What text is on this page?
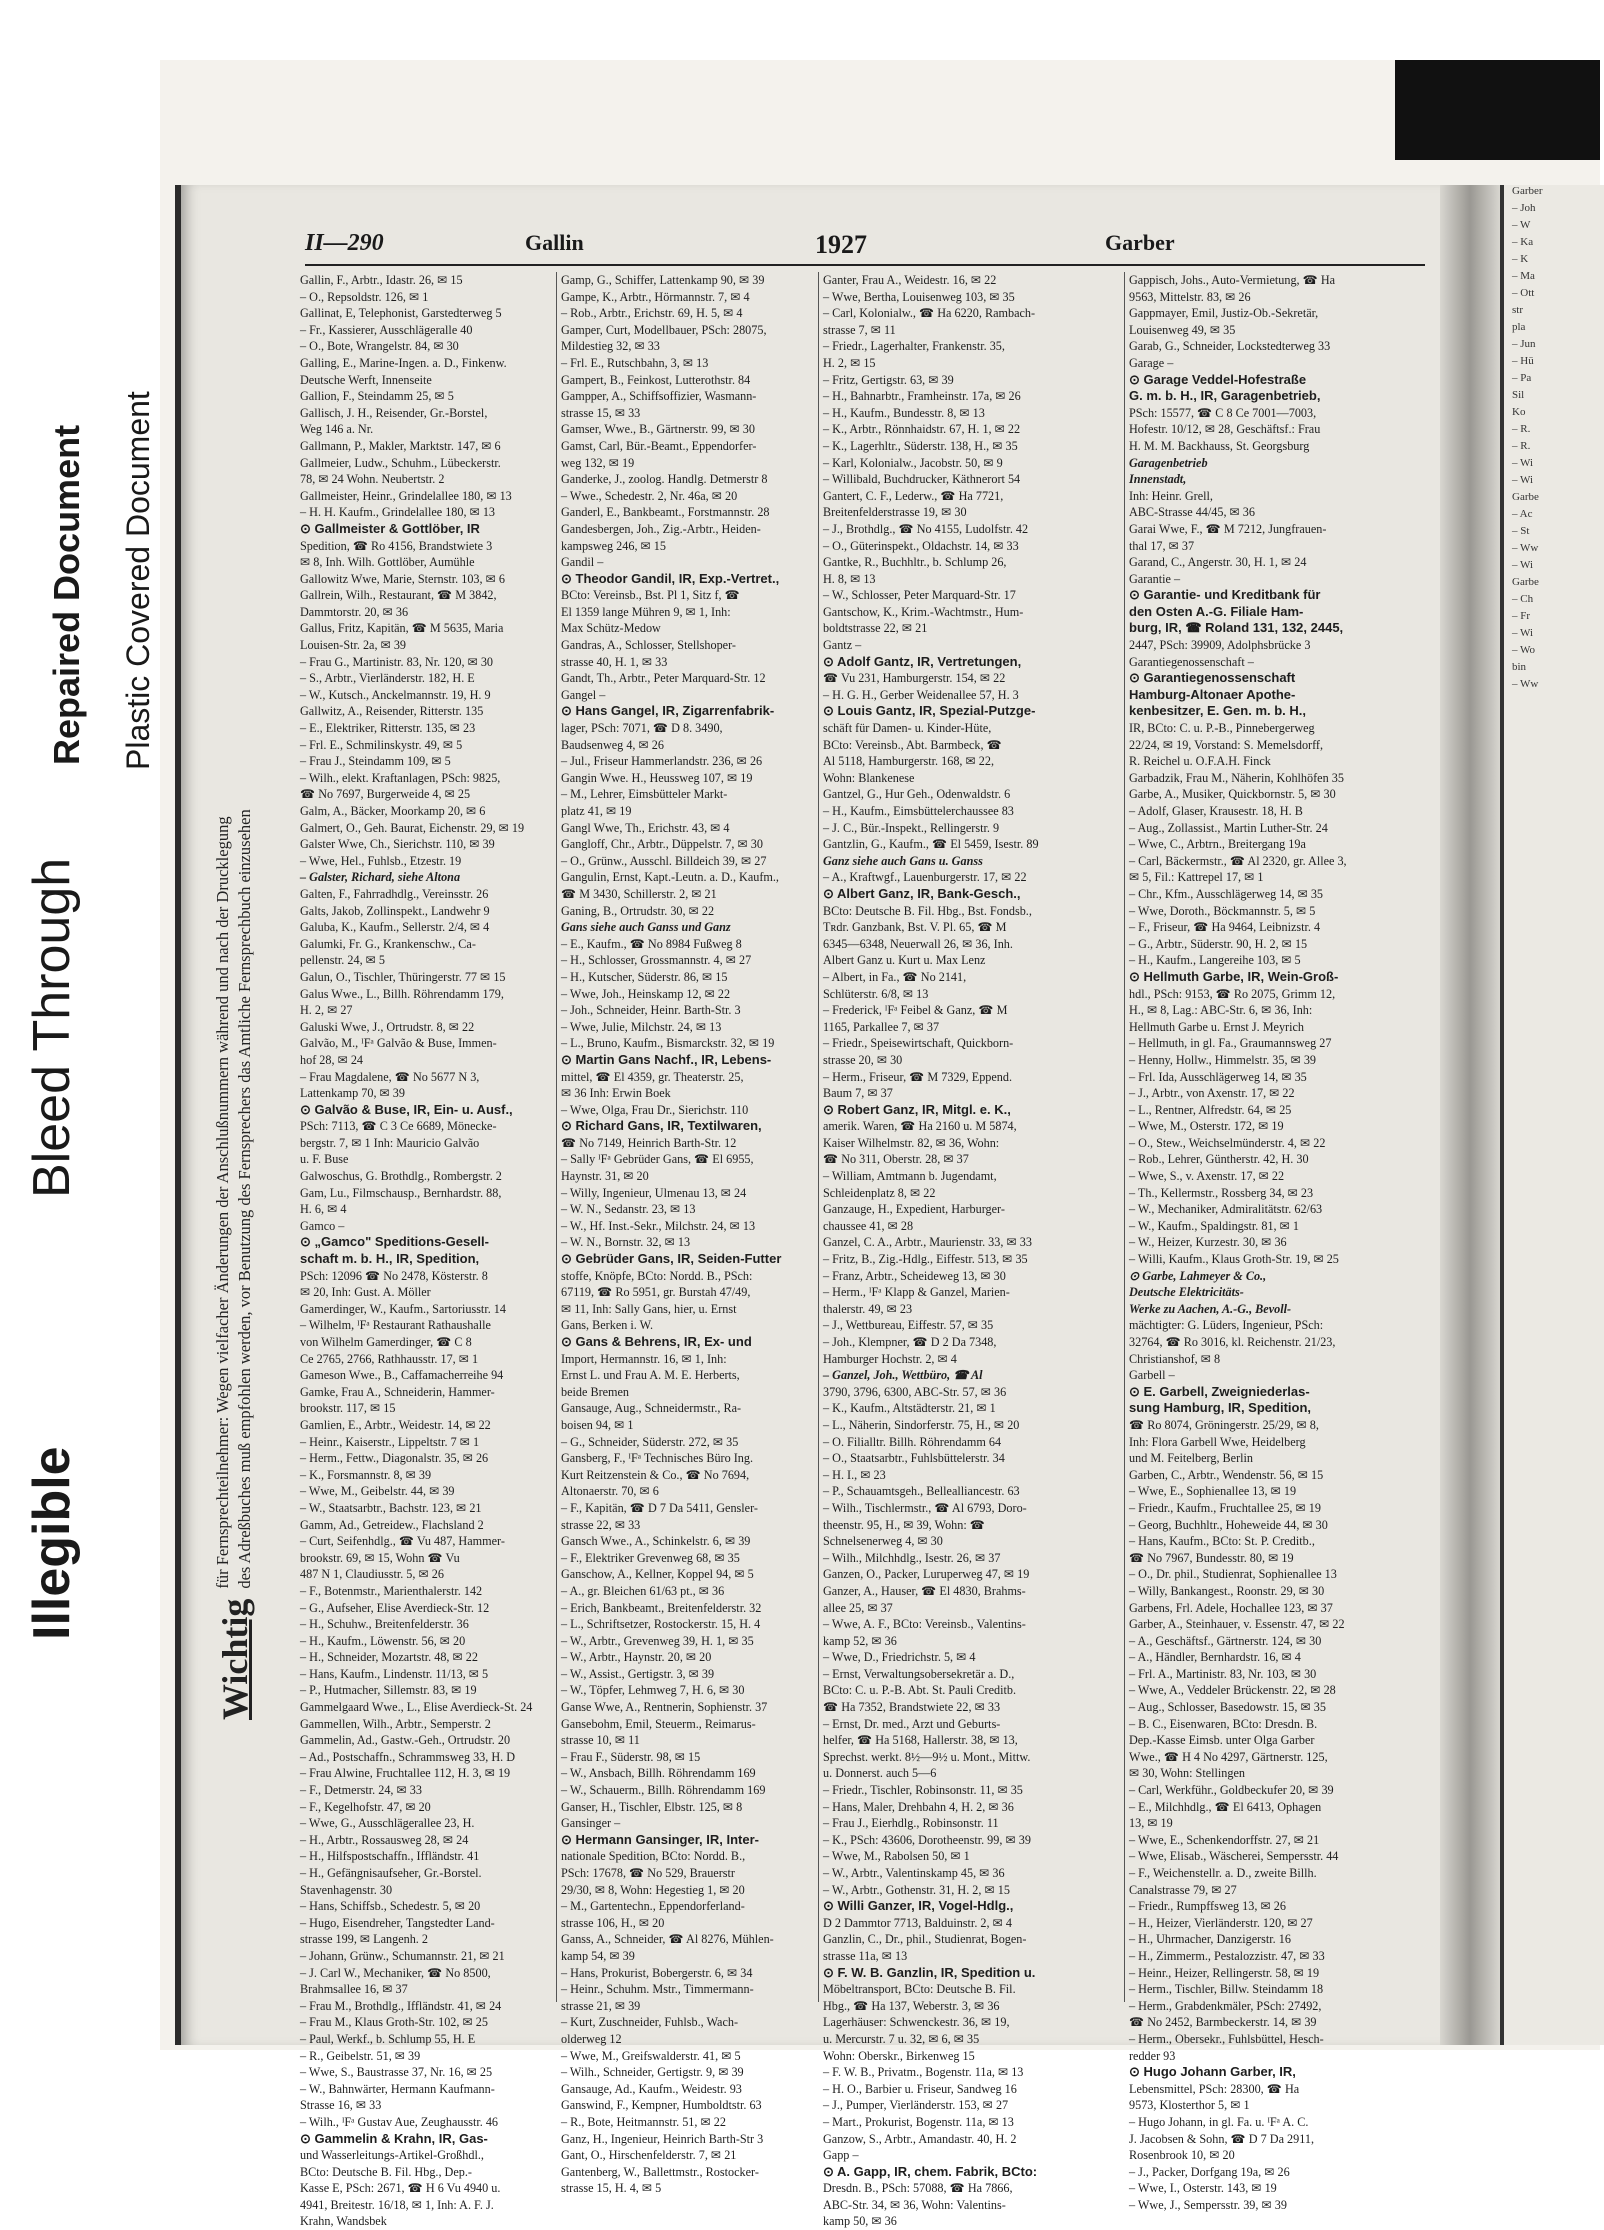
Illegible
Bleed Through
Repaired Document Plastic Covered Document
Garber
– Joh
– W
– Ka
– K
– Ma
– Ott
str
pla
– Jun
– Hü
– Pa
Sil
Ko
– R.
– R.
– Wi
– Wi
Garbe
– Ac
– St
– Ww
– Wi
Garbe
– Ch
– Fr
– Wi
– Wo
bin
– Ww
II—290	Gallin	1927	Garber
Wichtig
für Fernsprechteilnehmer: Wegen vielfacher Änderungen der Anschlußnummern während und nach der Drucklegung des Adreßbuches muß empfohlen werden, vor Benutzung des Fernsprechers das Amtliche Fernsprechbuch einzusehen

Gallin, F., Arbtr., Idastr. 26, ✉ 15

– O., Repsoldstr. 126, ✉ 1

Gallinat, E, Telephonist, Garstedterweg 5

– Fr., Kassierer, Ausschlägeralle 40

– O., Bote, Wrangelstr. 84, ✉ 30

Galling, E., Marine-Ingen. a. D., Finkenw.

Deutsche Werft, Innenseite

Gallion, F., Steindamm 25, ✉ 5

Gallisch, J. H., Reisender, Gr.-Borstel,

Weg 146 a. Nr.

Gallmann, P., Makler, Marktstr. 147, ✉ 6

Gallmeier, Ludw., Schuhm., Lübeckerstr.

78, ✉ 24 Wohn. Neubertstr. 2

Gallmeister, Heinr., Grindelallee 180, ✉ 13

– H. H. Kaufm., Grindelallee 180, ✉ 13

⊙ Gallmeister & Gottlöber, IR

Spedition, ☎ Ro 4156, Brandstwiete 3

✉ 8, Inh. Wilh. Gottlöber, Aumühle

Gallowitz Wwe, Marie, Sternstr. 103, ✉ 6

Gallrein, Wilh., Restaurant, ☎ M 3842,

Dammtorstr. 20, ✉ 36

Gallus, Fritz, Kapitän, ☎ M 5635, Maria

Louisen-Str. 2a, ✉ 39

– Frau G., Martinistr. 83, Nr. 120, ✉ 30

– S., Arbtr., Vierländerstr. 182, H. E

– W., Kutsch., Anckelmannstr. 19, H. 9

Gallwitz, A., Reisender, Ritterstr. 135

– E., Elektriker, Ritterstr. 135, ✉ 23

– Frl. E., Schmilinskystr. 49, ✉ 5

– Frau J., Steindamm 109, ✉ 5

– Wilh., elekt. Kraftanlagen, PSch: 9825,

☎ No 7697, Burgerweide 4, ✉ 25

Galm, A., Bäcker, Moorkamp 20, ✉ 6

Galmert, O., Geh. Baurat, Eichenstr. 29, ✉ 19

Galster Wwe, Ch., Sierichstr. 110, ✉ 39

– Wwe, Hel., Fuhlsb., Etzestr. 19

– Galster, Richard, siehe Altona

Galten, F., Fahrradhdlg., Vereinsstr. 26

Galts, Jakob, Zollinspekt., Landwehr 9

Galuba, K., Kaufm., Sellerstr. 2/4, ✉ 4

Galumki, Fr. G., Krankenschw., Ca-

pellenstr. 24, ✉ 5

Galun, O., Tischler, Thüringerstr. 77 ✉ 15

Galus Wwe., L., Billh. Röhrendamm 179,

H. 2, ✉ 27

Galuski Wwe, J., Ortrudstr. 8, ✉ 22

Galvão, M., ᴵFᵃ Galvão & Buse, Immen-

hof 28, ✉ 24

– Frau Magdalene, ☎ No 5677 N 3,

Lattenkamp 70, ✉ 39

⊙ Galvão & Buse, IR, Ein- u. Ausf.,

PSch: 7113, ☎ C 3 Ce 6689, Mönecke-

bergstr. 7, ✉ 1 Inh: Mauricio Galvão

u. F. Buse

Galwoschus, G. Brothdlg., Rombergstr. 2

Gam, Lu., Filmschausp., Bernhardstr. 88,

H. 6, ✉ 4

Gamco –

⊙ „Gamco" Speditions-Gesell-

schaft m. b. H., IR, Spedition,

PSch: 12096 ☎ No 2478, Kösterstr. 8

✉ 20, Inh: Gust. A. Möller

Gamerdinger, W., Kaufm., Sartoriusstr. 14

– Wilhelm, ᴵFᵃ Restaurant Rathaushalle

von Wilhelm Gamerdinger, ☎ C 8

Ce 2765, 2766, Rathhausstr. 17, ✉ 1

Gameson Wwe., B., Caffamacherreihe 94

Gamke, Frau A., Schneiderin, Hammer-

brookstr. 117, ✉ 15

Gamlien, E., Arbtr., Weidestr. 14, ✉ 22

– Heinr., Kaiserstr., Lippeltstr. 7 ✉ 1

– Herm., Fettw., Diagonalstr. 35, ✉ 26

– K., Forsmannstr. 8, ✉ 39

– Wwe, M., Geibelstr. 44, ✉ 39

– W., Staatsarbtr., Bachstr. 123, ✉ 21

Gamm, Ad., Getreidew., Flachsland 2

– Curt, Seifenhdlg., ☎ Vu 487, Hammer-

brookstr. 69, ✉ 15, Wohn ☎ Vu

487 N 1, Claudiusstr. 5, ✉ 26

– F., Botenmstr., Marienthalerstr. 142

– G., Aufseher, Elise Averdieck-Str. 12

– H., Schuhw., Breitenfelderstr. 36

– H., Kaufm., Löwenstr. 56, ✉ 20

– H., Schneider, Mozartstr. 48, ✉ 22

– Hans, Kaufm., Lindenstr. 11/13, ✉ 5

– P., Hutmacher, Sillemstr. 83, ✉ 19

Gammelgaard Wwe., L., Elise Averdieck-St. 24

Gammellen, Wilh., Arbtr., Semperstr. 2

Gammelin, Ad., Gastw.-Geh., Ortrudstr. 20

– Ad., Postschaffn., Schrammsweg 33, H. D

– Frau Alwine, Fruchtallee 112, H. 3, ✉ 19

– F., Detmerstr. 24, ✉ 33

– F., Kegelhofstr. 47, ✉ 20

– Wwe, G., Ausschlägerallee 23, H.

– H., Arbtr., Rossausweg 28, ✉ 24

– H., Hilfspostschaffn., Iffländstr. 41

– H., Gefängnisaufseher, Gr.-Borstel.

Stavenhagenstr. 30

– Hans, Schiffsb., Schedestr. 5, ✉ 20

– Hugo, Eisendreher, Tangstedter Land-

strasse 199, ✉ Langenh. 2

– Johann, Grünw., Schumannstr. 21, ✉ 21

– J. Carl W., Mechaniker, ☎ No 8500,

Brahmsallee 16, ✉ 37

– Frau M., Brothdlg., Iffländstr. 41, ✉ 24

– Frau M., Klaus Groth-Str. 102, ✉ 25

– Paul, Werkf., b. Schlump 55, H. E

– R., Geibelstr. 51, ✉ 39

– Wwe, S., Baustrasse 37, Nr. 16, ✉ 25

– W., Bahnwärter, Hermann Kaufmann-

Strasse 16, ✉ 33

– Wilh., ᴵFᵃ Gustav Aue, Zeughausstr. 46

⊙ Gammelin & Krahn, IR, Gas-

und Wasserleitungs-Artikel-Großhdl.,

BCto: Deutsche B. Fil. Hbg., Dep.-

Kasse E, PSch: 2671, ☎ H 6 Vu 4940 u.

4941, Breitestr. 16/18, ✉ 1, Inh: A. F. J.

Krahn, Wandsbek

Gamp, G., Schiffer, Lattenkamp 90, ✉ 39

Gampe, K., Arbtr., Hörmannstr. 7, ✉ 4

– Rob., Arbtr., Erichstr. 69, H. 5, ✉ 4

Gamper, Curt, Modellbauer, PSch: 28075,

Mildestieg 32, ✉ 33

– Frl. E., Rutschbahn, 3, ✉ 13

Gampert, B., Feinkost, Lutterothstr. 84

Gampper, A., Schiffsoffizier, Wasmann-

strasse 15, ✉ 33

Gamser, Wwe., B., Gärtnerstr. 99, ✉ 30

Gamst, Carl, Bür.-Beamt., Eppendorfer-

weg 132, ✉ 19

Ganderke, J., zoolog. Handlg. Detmerstr 8

– Wwe., Schedestr. 2, Nr. 46a, ✉ 20

Ganderl, E., Bankbeamt., Forstmannstr. 28

Gandesbergen, Joh., Zig.-Arbtr., Heiden-

kampsweg 246, ✉ 15

Gandil –

⊙ Theodor Gandil, IR, Exp.-Vertret.,

BCto: Vereinsb., Bst. Pl 1, Sitz f, ☎

El 1359 lange Mühren 9, ✉ 1, Inh:

Max Schütz-Medow

Gandras, A., Schlosser, Stellshoper-

strasse 40, H. 1, ✉ 33

Gandt, Th., Arbtr., Peter Marquard-Str. 12

Gangel –

⊙ Hans Gangel, IR, Zigarrenfabrik-

lager, PSch: 7071, ☎ D 8. 3490,

Baudsenweg 4, ✉ 26

– Jul., Friseur Hammerlandstr. 236, ✉ 26

Gangin Wwe. H., Heussweg 107, ✉ 19

– M., Lehrer, Eimsbütteler Markt-

platz 41, ✉ 19

Gangl Wwe, Th., Erichstr. 43, ✉ 4

Gangloff, Chr., Arbtr., Düppelstr. 7, ✉ 30

– O., Grünw., Ausschl. Billdeich 39, ✉ 27

Gangulin, Ernst, Kapt.-Leutn. a. D., Kaufm.,

☎ M 3430, Schillerstr. 2, ✉ 21

Ganing, B., Ortrudstr. 30, ✉ 22

Gans siehe auch Ganss und Ganz

– E., Kaufm., ☎ No 8984 Fußweg 8

– H., Schlosser, Grossmannstr. 4, ✉ 27

– H., Kutscher, Süderstr. 86, ✉ 15

– Wwe, Joh., Heinskamp 12, ✉ 22

– Joh., Schneider, Heinr. Barth-Str. 3

– Wwe, Julie, Milchstr. 24, ✉ 13

– L., Bruno, Kaufm., Bismarckstr. 32, ✉ 19

⊙ Martin Gans Nachf., IR, Lebens-

mittel, ☎ El 4359, gr. Theaterstr. 25,

✉ 36 Inh: Erwin Boek

– Wwe, Olga, Frau Dr., Sierichstr. 110

⊙ Richard Gans, IR, Textilwaren,

☎ No 7149, Heinrich Barth-Str. 12

– Sally ᴵFᵃ Gebrüder Gans, ☎ El 6955,

Haynstr. 31, ✉ 20

– Willy, Ingenieur, Ulmenau 13, ✉ 24

– W. N., Sedanstr. 23, ✉ 13

– W., Hf. Inst.-Sekr., Milchstr. 24, ✉ 13

– W. N., Bornstr. 32, ✉ 13

⊙ Gebrüder Gans, IR, Seiden-Futter

stoffe, Knöpfe, BCto: Nordd. B., PSch:

67119, ☎ Ro 5951, gr. Burstah 47/49,

✉ 11, Inh: Sally Gans, hier, u. Ernst

Gans, Berken i. W.

⊙ Gans & Behrens, IR, Ex- und

Import, Hermannstr. 16, ✉ 1, Inh:

Ernst L. und Frau A. M. E. Herberts,

beide Bremen

Gansauge, Aug., Schneidermstr., Ra-

boisen 94, ✉ 1

– G., Schneider, Süderstr. 272, ✉ 35

Gansberg, F., ᴵFᵃ Technisches Büro Ing.

Kurt Reitzenstein & Co., ☎ No 7694,

Altonaerstr. 70, ✉ 6

– F., Kapitän, ☎ D 7 Da 5411, Gensler-

strasse 22, ✉ 33

Gansch Wwe., A., Schinkelstr. 6, ✉ 39

– F., Elektriker Grevenweg 68, ✉ 35

Ganschow, A., Kellner, Koppel 94, ✉ 5

– A., gr. Bleichen 61/63 pt., ✉ 36

– Erich, Bankbeamt., Breitenfelderstr. 32

– L., Schriftsetzer, Rostockerstr. 15, H. 4

– W., Arbtr., Grevenweg 39, H. 1, ✉ 35

– W., Arbtr., Haynstr. 20, ✉ 20

– W., Assist., Gertigstr. 3, ✉ 39

– W., Töpfer, Lehmweg 7, H. 6, ✉ 30

Ganse Wwe, A., Rentnerin, Sophienstr. 37

Gansebohm, Emil, Steuerm., Reimarus-

strasse 10, ✉ 11

– Frau F., Süderstr. 98, ✉ 15

– W., Ansbach, Billh. Röhrendamm 169

– W., Schauerm., Billh. Röhrendamm 169

Ganser, H., Tischler, Elbstr. 125, ✉ 8

Gansinger –

⊙ Hermann Gansinger, IR, Inter-

nationale Spedition, BCto: Nordd. B.,

PSch: 17678, ☎ No 529, Brauerstr

29/30, ✉ 8, Wohn: Hegestieg 1, ✉ 20

– M., Gartentechn., Eppendorferland-

strasse 106, H., ✉ 20

Ganss, A., Schneider, ☎ Al 8276, Mühlen-

kamp 54, ✉ 39

– Hans, Prokurist, Bobergerstr. 6, ✉ 34

– Heinr., Schuhm. Mstr., Timmermann-

strasse 21, ✉ 39

– Kurt, Zuschneider, Fuhlsb., Wach-

olderweg 12

– Wwe, M., Greifswalderstr. 41, ✉ 5

– Wilh., Schneider, Gertigstr. 9, ✉ 39

Gansauge, Ad., Kaufm., Weidestr. 93

Ganswind, F., Kempner, Humboldtstr. 63

– R., Bote, Heitmannstr. 51, ✉ 22

Ganz, H., Ingenieur, Heinrich Barth-Str 3

Gant, O., Hirschenfelderstr. 7, ✉ 21

Gantenberg, W., Ballettmstr., Rostocker-

strasse 15, H. 4, ✉ 5

Ganter, Frau A., Weidestr. 16, ✉ 22

– Wwe, Bertha, Louisenweg 103, ✉ 35

– Carl, Kolonialw., ☎ Ha 6220, Rambach-

strasse 7, ✉ 11

– Friedr., Lagerhalter, Frankenstr. 35,

H. 2, ✉ 15

– Fritz, Gertigstr. 63, ✉ 39

– H., Bahnarbtr., Framheinstr. 17a, ✉ 26

– H., Kaufm., Bundesstr. 8, ✉ 13

– K., Arbtr., Rönnhaidstr. 67, H. 1, ✉ 22

– K., Lagerhltr., Süderstr. 138, H., ✉ 35

– Karl, Kolonialw., Jacobstr. 50, ✉ 9

– Willibald, Buchdrucker, Käthnerort 54

Gantert, C. F., Lederw., ☎ Ha 7721,

Breitenfelderstrasse 19, ✉ 30

– J., Brothdlg., ☎ No 4155, Ludolfstr. 42

– O., Güterinspekt., Oldachstr. 14, ✉ 33

Gantke, R., Buchhltr., b. Schlump 26,

H. 8, ✉ 13

– W., Schlosser, Peter Marquard-Str. 17

Gantschow, K., Krim.-Wachtmstr., Hum-

boldtstrasse 22, ✉ 21

Gantz –

⊙ Adolf Gantz, IR, Vertretungen,

☎ Vu 231, Hamburgerstr. 154, ✉ 22

– H. G. H., Gerber Weidenallee 57, H. 3

⊙ Louis Gantz, IR, Spezial-Putzge-

schäft für Damen- u. Kinder-Hüte,

BCto: Vereinsb., Abt. Barmbeck, ☎

Al 5118, Hamburgerstr. 168, ✉ 22,

Wohn: Blankenese

Gantzel, G., Hur Geh., Odenwaldstr. 6

– H., Kaufm., Eimsbüttelerchaussee 83

– J. C., Bür.-Inspekt., Rellingerstr. 9

Gantzlin, G., Kaufm., ☎ El 5459, Isestr. 89

Ganz siehe auch Gans u. Ganss

– A., Kraftwgf., Lauenburgerstr. 17, ✉ 22

⊙ Albert Ganz, IR, Bank-Gesch.,

BCto: Deutsche B. Fil. Hbg., Bst. Fondsb.,

Tʀdr. Ganzbank, Bst. V. Pl. 65, ☎ M

6345—6348, Neuerwall 26, ✉ 36, Inh.

Albert Ganz u. Kurt u. Max Lenz

– Albert, in Fa., ☎ No 2141,

Schlüterstr. 6/8, ✉ 13

– Frederick, ᴵFᵃ Feibel & Ganz, ☎ M

1165, Parkallee 7, ✉ 37

– Friedr., Speisewirtschaft, Quickborn-

strasse 20, ✉ 30

– Herm., Friseur, ☎ M 7329, Eppend.

Baum 7, ✉ 37

⊙ Robert Ganz, IR, Mitgl. e. K.,

amerik. Waren, ☎ Ha 2160 u. M 5874,

Kaiser Wilhelmstr. 82, ✉ 36, Wohn:

☎ No 311, Oberstr. 28, ✉ 37

– William, Amtmann b. Jugendamt,

Schleidenplatz 8, ✉ 22

Ganzauge, H., Expedient, Harburger-

chaussee 41, ✉ 28

Ganzel, C. A., Arbtr., Maurienstr. 33, ✉ 33

– Fritz, B., Zig.-Hdlg., Eiffestr. 513, ✉ 35

– Franz, Arbtr., Scheideweg 13, ✉ 30

– Herm., ᴵFᵃ Klapp & Ganzel, Marien-

thalerstr. 49, ✉ 23

– J., Wettbureau, Eiffestr. 57, ✉ 35

– Joh., Klempner, ☎ D 2 Da 7348,

Hamburger Hochstr. 2, ✉ 4

– Ganzel, Joh., Wettbüro, ☎ Al

3790, 3796, 6300, ABC-Str. 57, ✉ 36

– K., Kaufm., Altstädterstr. 21, ✉ 1

– L., Näherin, Sindorferstr. 75, H., ✉ 20

– O. Filialltr. Billh. Röhrendamm 64

– O., Staatsarbtr., Fuhlsbüttelerstr. 34

– H. I., ✉ 23

– P., Schauamtsgeh., Bellealliancestr. 63

– Wilh., Tischlermstr., ☎ Al 6793, Doro-

theenstr. 95, H., ✉ 39, Wohn: ☎

Schnelsenerweg 4, ✉ 30

– Wilh., Milchhdlg., Isestr. 26, ✉ 37

Ganzen, O., Packer, Luruperweg 47, ✉ 19

Ganzer, A., Hauser, ☎ El 4830, Brahms-

allee 25, ✉ 37

– Wwe, A. F., BCto: Vereinsb., Valentins-

kamp 52, ✉ 36

– Wwe, D., Friedrichstr. 5, ✉ 4

– Ernst, Verwaltungsobersekretär a. D.,

BCto: C. u. P.-B. Abt. St. Pauli Creditb.

☎ Ha 7352, Brandstwiete 22, ✉ 33

– Ernst, Dr. med., Arzt und Geburts-

helfer, ☎ Ha 5168, Hallerstr. 38, ✉ 13,

Sprechst. werkt. 8½—9½ u. Mont., Mittw.

u. Donnerst. auch 5—6

– Friedr., Tischler, Robinsonstr. 11, ✉ 35

– Hans, Maler, Drehbahn 4, H. 2, ✉ 36

– Frau J., Eierhdlg., Robinsonstr. 11

– K., PSch: 43606, Dorotheenstr. 99, ✉ 39

– Wwe, M., Rabolsen 50, ✉ 1

– W., Arbtr., Valentinskamp 45, ✉ 36

– W., Arbtr., Gothenstr. 31, H. 2, ✉ 15

⊙ Willi Ganzer, IR, Vogel-Hdlg.,

D 2 Dammtor 7713, Balduinstr. 2, ✉ 4

Ganzlin, C., Dr., phil., Studienrat, Bogen-

strasse 11a, ✉ 13

⊙ F. W. B. Ganzlin, IR, Spedition u.

Möbeltransport, BCto: Deutsche B. Fil.

Hbg., ☎ Ha 137, Weberstr. 3, ✉ 36

Lagerhäuser: Schwenckestr. 36, ✉ 19,

u. Mercurstr. 7 u. 32, ✉ 6, ✉ 35

Wohn: Oberskr., Birkenweg 15

– F. W. B., Privatm., Bogenstr. 11a, ✉ 13

– H. O., Barbier u. Friseur, Sandweg 16

– J., Pumper, Vierländerstr. 153, ✉ 27

– Mart., Prokurist, Bogenstr. 11a, ✉ 13

Ganzow, S., Arbtr., Amandastr. 40, H. 2

Gapp –

⊙ A. Gapp, IR, chem. Fabrik, BCto:

Dresdn. B., PSch: 57088, ☎ Ha 7866,

ABC-Str. 34, ✉ 36, Wohn: Valentins-

kamp 50, ✉ 36

Gappisch, Johs., Auto-Vermietung, ☎ Ha

9563, Mittelstr. 83, ✉ 26

Gappmayer, Emil, Justiz-Ob.-Sekretär,

Louisenweg 49, ✉ 35

Garab, G., Schneider, Lockstedterweg 33

Garage –

⊙ Garage Veddel-Hofestraße

G. m. b. H., IR, Garagenbetrieb,

PSch: 15577, ☎ C 8 Ce 7001—7003,

Hofestr. 10/12, ✉ 28, Geschäftsf.: Frau

H. M. M. Backhauss, St. Georgsburg

Garagenbetrieb

Innenstadt,

Inh: Heinr. Grell,

ABC-Strasse 44/45, ✉ 36

Garai Wwe, F., ☎ M 7212, Jungfrauen-

thal 17, ✉ 37

Garand, C., Angerstr. 30, H. 1, ✉ 24

Garantie –

⊙ Garantie- und Kreditbank für

den Osten A.-G. Filiale Ham-

burg, IR, ☎ Roland 131, 132, 2445,

2447, PSch: 39909, Adolphsbrücke 3

Garantiegenossenschaft –

⊙ Garantiegenossenschaft

Hamburg-Altonaer Apothe-

kenbesitzer, E. Gen. m. b. H.,

IR, BCto: C. u. P.-B., Pinnebergerweg

22/24, ✉ 19, Vorstand: S. Memelsdorff,

R. Reichel u. O.F.A.H. Finck

Garbadzik, Frau M., Näherin, Kohlhöfen 35

Garbe, A., Musiker, Quickbornstr. 5, ✉ 30

– Adolf, Glaser, Krausestr. 18, H. B

– Aug., Zollassist., Martin Luther-Str. 24

– Wwe, C., Arbtrn., Breitergang 19a

– Carl, Bäckermstr., ☎ Al 2320, gr. Allee 3,

✉ 5, Fil.: Kattrepel 17, ✉ 1

– Chr., Kfm., Ausschlägerweg 14, ✉ 35

– Wwe, Doroth., Böckmannstr. 5, ✉ 5

– F., Friseur, ☎ Ha 9464, Leibnizstr. 4

– G., Arbtr., Süderstr. 90, H. 2, ✉ 15

– H., Kaufm., Langereihe 103, ✉ 5

⊙ Hellmuth Garbe, IR, Wein-Groß-

hdl., PSch: 9153, ☎ Ro 2075, Grimm 12,

H., ✉ 8, Lag.: ABC-Str. 6, ✉ 36, Inh:

Hellmuth Garbe u. Ernst J. Meyrich

– Hellmuth, in gl. Fa., Graumannsweg 27

– Henny, Hollw., Himmelstr. 35, ✉ 39

– Frl. Ida, Ausschlägerweg 14, ✉ 35

– J., Arbtr., von Axenstr. 17, ✉ 22

– L., Rentner, Alfredstr. 64, ✉ 25

– Wwe, M., Osterstr. 172, ✉ 19

– O., Stew., Weichselmünderstr. 4, ✉ 22

– Rob., Lehrer, Güntherstr. 42, H. 30

– Wwe, S., v. Axenstr. 17, ✉ 22

– Th., Kellermstr., Rossberg 34, ✉ 23

– W., Mechaniker, Admiralitätstr. 62/63

– W., Kaufm., Spaldingstr. 81, ✉ 1

– W., Heizer, Kurzestr. 30, ✉ 36

– Willi, Kaufm., Klaus Groth-Str. 19, ✉ 25

⊙ Garbe, Lahmeyer & Co.,

Deutsche Elektricitäts-

Werke zu Aachen, A.-G., Bevoll-

mächtigter: G. Lüders, Ingenieur, PSch:

32764, ☎ Ro 3016, kl. Reichenstr. 21/23,

Christianshof, ✉ 8

Garbell –

⊙ E. Garbell, Zweigniederlas-

sung Hamburg, IR, Spedition,

☎ Ro 8074, Gröningerstr. 25/29, ✉ 8,

Inh: Flora Garbell Wwe, Heidelberg

und M. Feitelberg, Berlin

Garben, C., Arbtr., Wendenstr. 56, ✉ 15

– Wwe, E., Sophienallee 13, ✉ 19

– Friedr., Kaufm., Fruchtallee 25, ✉ 19

– Georg, Buchhltr., Hoheweide 44, ✉ 30

– Hans, Kaufm., BCto: St. P. Creditb.,

☎ No 7967, Bundesstr. 80, ✉ 19

– O., Dr. phil., Studienrat, Sophienallee 13

– Willy, Bankangest., Roonstr. 29, ✉ 30

Garbens, Frl. Adele, Hochallee 123, ✉ 37

Garber, A., Steinhauer, v. Essenstr. 47, ✉ 22

– A., Geschäftsf., Gärtnerstr. 124, ✉ 30

– A., Händler, Bernhardstr. 16, ✉ 4

– Frl. A., Martinistr. 83, Nr. 103, ✉ 30

– Wwe, A., Veddeler Brückenstr. 22, ✉ 28

– Aug., Schlosser, Basedowstr. 15, ✉ 35

– B. C., Eisenwaren, BCto: Dresdn. B.

Dep.-Kasse Eimsb. unter Olga Garber

Wwe., ☎ H 4 No 4297, Gärtnerstr. 125,

✉ 30, Wohn: Stellingen

– Carl, Werkführ., Goldbeckufer 20, ✉ 39

– E., Milchhdlg., ☎ El 6413, Ophagen

13, ✉ 19

– Wwe, E., Schenkendorffstr. 27, ✉ 21

– Wwe, Elisab., Wäscherei, Sempersstr. 44

– F., Weichenstellr. a. D., zweite Billh.

Canalstrasse 79, ✉ 27

– Friedr., Rumpffsweg 13, ✉ 26

– H., Heizer, Vierländerstr. 120, ✉ 27

– H., Uhrmacher, Danzigerstr. 16

– H., Zimmerm., Pestalozzistr. 47, ✉ 33

– Heinr., Heizer, Rellingerstr. 58, ✉ 19

– Herm., Tischler, Billw. Steindamm 18

– Herm., Grabdenkmäler, PSch: 27492,

☎ No 2452, Barmbeckerstr. 14, ✉ 39

– Herm., Obersekr., Fuhlsbüttel, Hesch-

redder 93

⊙ Hugo Johann Garber, IR,

Lebensmittel, PSch: 28300, ☎ Ha

9573, Klosterthor 5, ✉ 1

– Hugo Johann, in gl. Fa. u. ᴵFᵃ A. C.

J. Jacobsen & Sohn, ☎ D 7 Da 2911,

Rosenbrook 10, ✉ 20

– J., Packer, Dorfgang 19a, ✉ 26

– Wwe, I., Osterstr. 143, ✉ 19

– Wwe, J., Sempersstr. 39, ✉ 39
